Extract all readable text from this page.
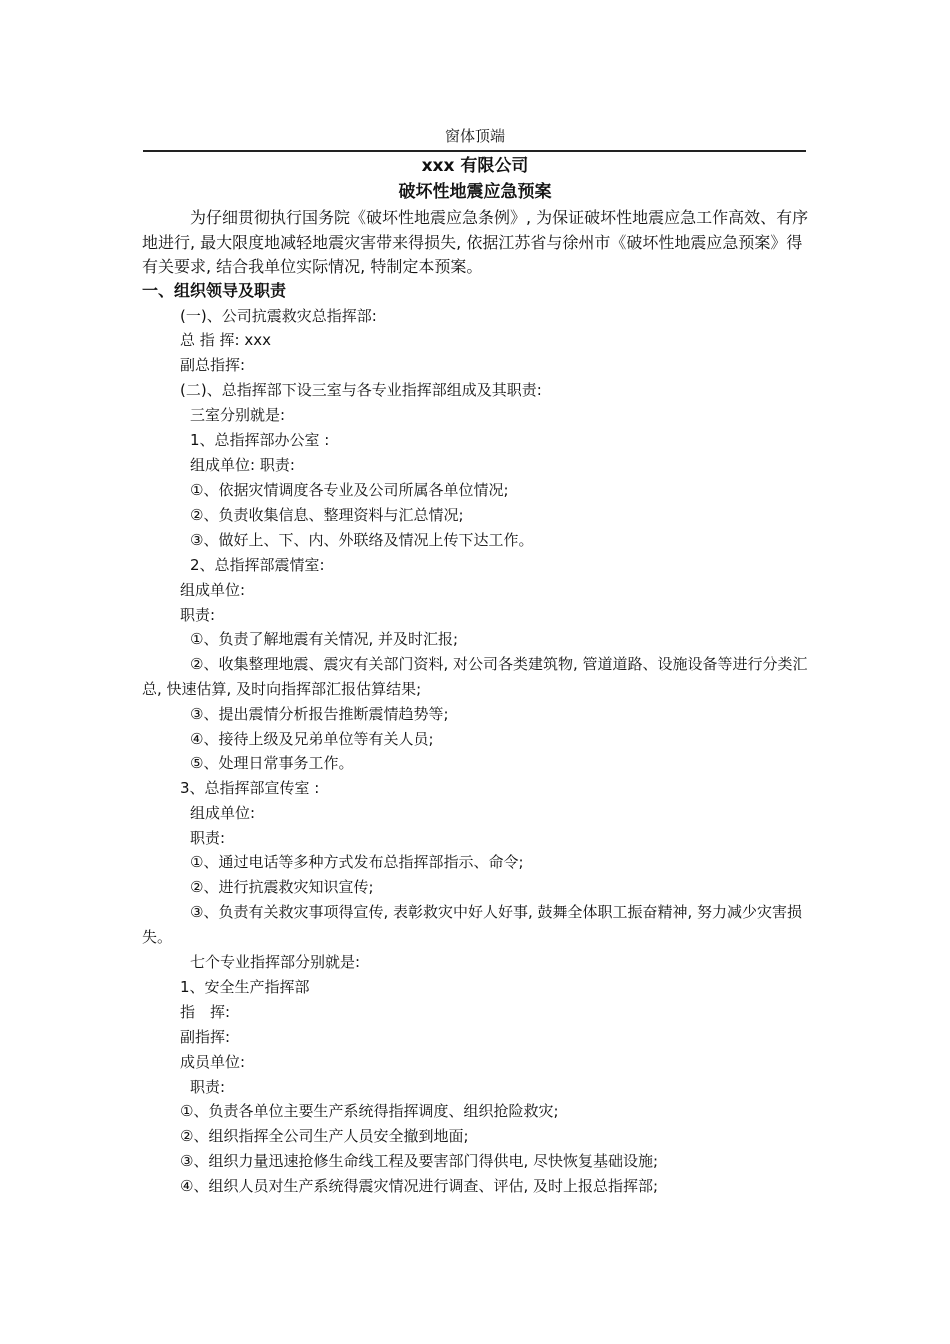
窗体顶端
xxx 有限公司
破坏性地震应急预案
为仔细贯彻执行国务院《破坏性地震应急条例》, 为保证破坏性地震应急工作高效、有序地进行, 最大限度地减轻地震灾害带来得损失, 依据江苏省与徐州市《破坏性地震应急预案》得有关要求, 结合我单位实际情况, 特制定本预案。
一、组织领导及职责
(一)、公司抗震救灾总指挥部:
总 指 挥: xxx
副总指挥:
(二)、总指挥部下设三室与各专业指挥部组成及其职责:
三室分别就是:
1、总指挥部办公室 :
组成单位: 职责:
①、依据灾情调度各专业及公司所属各单位情况;
②、负责收集信息、整理资料与汇总情况;
③、做好上、下、内、外联络及情况上传下达工作。
2、总指挥部震情室:
组成单位:
职责:
①、负责了解地震有关情况, 并及时汇报;
②、收集整理地震、震灾有关部门资料, 对公司各类建筑物, 管道道路、设施设备等进行分类汇总, 快速估算, 及时向指挥部汇报估算结果;
③、提出震情分析报告推断震情趋势等;
④、接待上级及兄弟单位等有关人员;
⑤、处理日常事务工作。
3、总指挥部宣传室 :
组成单位:
职责:
①、通过电话等多种方式发布总指挥部指示、命令;
②、进行抗震救灾知识宣传;
③、负责有关救灾事项得宣传, 表彰救灾中好人好事, 鼓舞全体职工振奋精神, 努力减少灾害损失。
七个专业指挥部分别就是:
1、安全生产指挥部
指　挥:
副指挥:
成员单位:
职责:
①、负责各单位主要生产系统得指挥调度、组织抢险救灾;
②、组织指挥全公司生产人员安全撤到地面;
③、组织力量迅速抢修生命线工程及要害部门得供电, 尽快恢复基础设施;
④、组织人员对生产系统得震灾情况进行调查、评估, 及时上报总指挥部;
